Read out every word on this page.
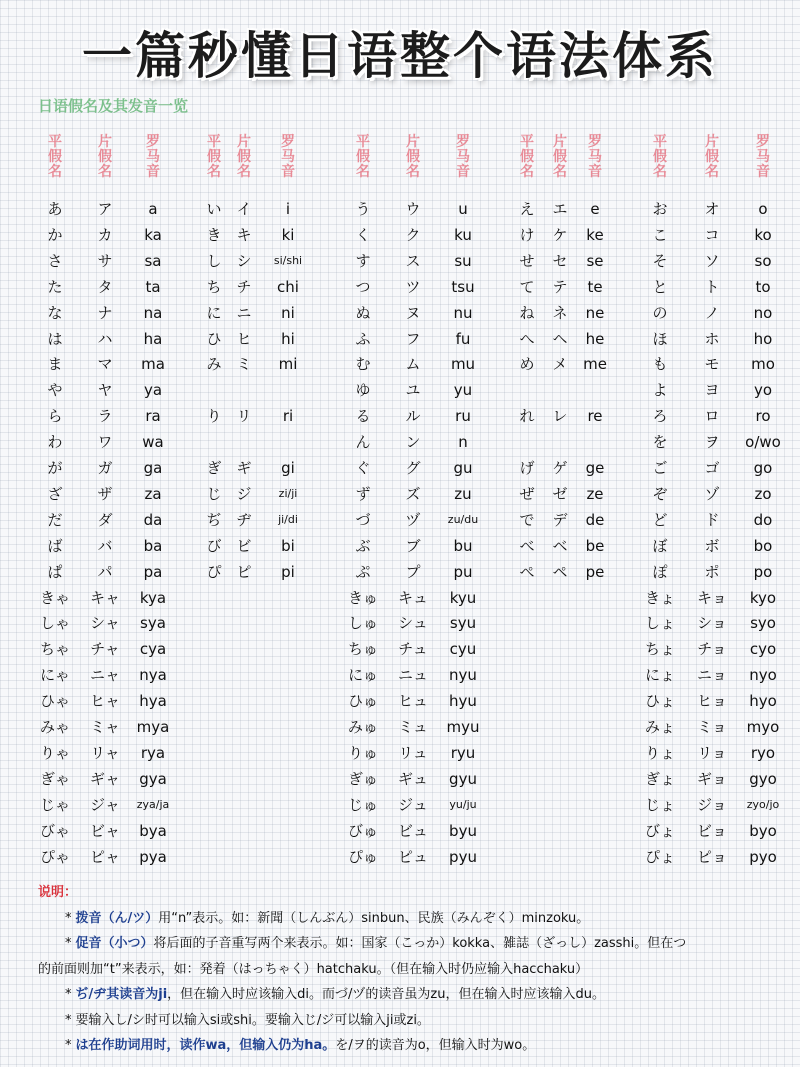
一篇秒懂日语整个语法体系
日语假名及其发音一览
平
假
名
片
假
名
罗
马
音
あ	ア	a
か	カ	ka
さ	サ	sa
た	タ	ta
な	ナ	na
は	ハ	ha
ま	マ	ma
や	ヤ	ya
ら	ラ	ra
わ	ワ	wa
が	ガ	ga
ざ	ザ	za
だ	ダ	da
ば	バ	ba
ぱ	パ	pa
きゃ	キャ	kya
しゃ	シャ	sya
ちゃ	チャ	cya
にゃ	ニャ	nya
ひゃ	ヒャ	hya
みゃ	ミャ	mya
りゃ	リャ	rya
ぎゃ	ギャ	gya
じゃ	ジャ	zya/ja
びゃ	ビャ	bya
ぴゃ	ピャ	pya
平
假
名
片
假
名
罗
马
音
い イ	i
き キ	ki
し シ	si/shi
ち チ	chi
に ニ	ni
ひ ヒ	hi
み ミ	mi
り リ	ri
ぎ ギ	gi
じ ジ	zi/ji
ぢ ヂ	ji/di
び ビ	bi
ぴ ピ	pi
平
假
名
片
假
名
罗
马
音
う	ウ	u
く	ク	ku
す	ス	su
つ	ツ	tsu
ぬ	ヌ	nu
ふ	フ	fu
む	ム	mu
ゆ	ユ	yu
る	ル	ru
ん	ン	n
ぐ	グ	gu
ず	ズ	zu
づ	ヅ	zu/du
ぶ	ブ	bu
ぷ	プ	pu
きゅ	キュ	kyu
しゅ	シュ	syu
ちゅ	チュ	cyu
にゅ	ニュ	nyu
ひゅ	ヒュ	hyu
みゅ	ミュ	myu
りゅ	リュ	ryu
ぎゅ	ギュ	gyu
じゅ	ジュ	yu/ju
びゅ	ビュ	byu
ぴゅ	ピュ	pyu
平
假
名
片
假
名
罗
马
音
え	エ	e
け	ケ	ke
せ	セ	se
て	テ	te
ね	ネ	ne
へ	ヘ	he
め	メ	me
れ	レ	re
げ	ゲ	ge
ぜ	ゼ	ze
で	デ	de
べ	ベ	be
ぺ	ペ	pe
平
假
名
片
假
名
罗
马
音
お	オ	o
こ	コ	ko
そ	ソ	so
と	ト	to
の	ノ	no
ほ	ホ	ho
も	モ	mo
よ	ヨ	yo
ろ	ロ	ro
を	ヲ	o/wo
ご	ゴ	go
ぞ	ゾ	zo
ど	ド	do
ぼ	ボ	bo
ぽ	ポ	po
きょ	キョ	kyo
しょ	ショ	syo
ちょ	チョ	cyo
にょ	ニョ	nyo
ひょ	ヒョ	hyo
みょ	ミョ	myo
りょ	リョ	ryo
ぎょ	ギョ	gyo
じょ	ジョ	zyo/jo
びょ	ビョ	byo
ぴょ	ピョ	pyo
说明：
* 拨音（ん/ツ）用“n”表示。如：新聞（しんぶん）sinbun、民族（みんぞく）minzoku。
* 促音（小つ）将后面的子音重写两个来表示。如：国家（こっか）kokka、雑誌（ざっし）zasshi。但在つ
的前面则加“t”来表示，如：発着（はっちゃく）hatchaku。（但在输入时仍应输入hacchaku）
* ぢ/ヂ其读音为ji，但在输入时应该输入di。而づ/ヅ的读音虽为zu，但在输入时应该输入du。
* 要输入し/シ时可以输入si或shi。要输入じ/ジ可以输入ji或zi。
* は在作助词用时，读作wa，但输入仍为ha。を/ヲ的读音为o，但输入时为wo。
